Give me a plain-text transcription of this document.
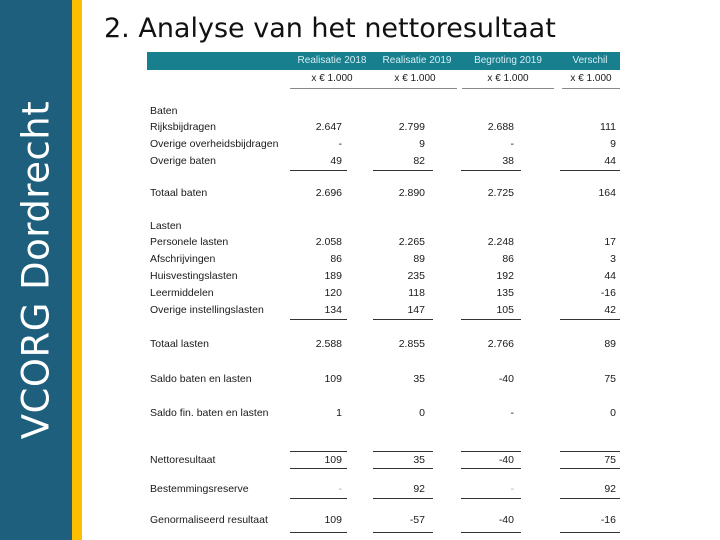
VCORG Dordrecht
2. Analyse van het nettoresultaat
Realisatie 2018	Realisatie 2019	Begroting 2019	Verschil
x € 1.000	x € 1.000	x € 1.000	x € 1.000
Baten
Rijksbijdragen	2.647	2.799	2.688	111
Overige overheidsbijdragen	-	9	-	9
Overige baten	49	82	38	44
Totaal baten	2.696	2.890	2.725	164
Lasten
Personele lasten	2.058	2.265	2.248	17
Afschrijvingen	86	89	86	3
Huisvestingslasten	189	235	192	44
Leermiddelen	120	118	135	-16
Overige instellingslasten	134	147	105	42
Totaal lasten	2.588	2.855	2.766	89
Saldo baten en lasten	109	35	-40	75
Saldo fin. baten en lasten	1	0	-	0
Nettoresultaat	109	35	-40	75
Bestemmingsreserve	-	92	-	92
Genormaliseerd resultaat	109	-57	-40	-16
